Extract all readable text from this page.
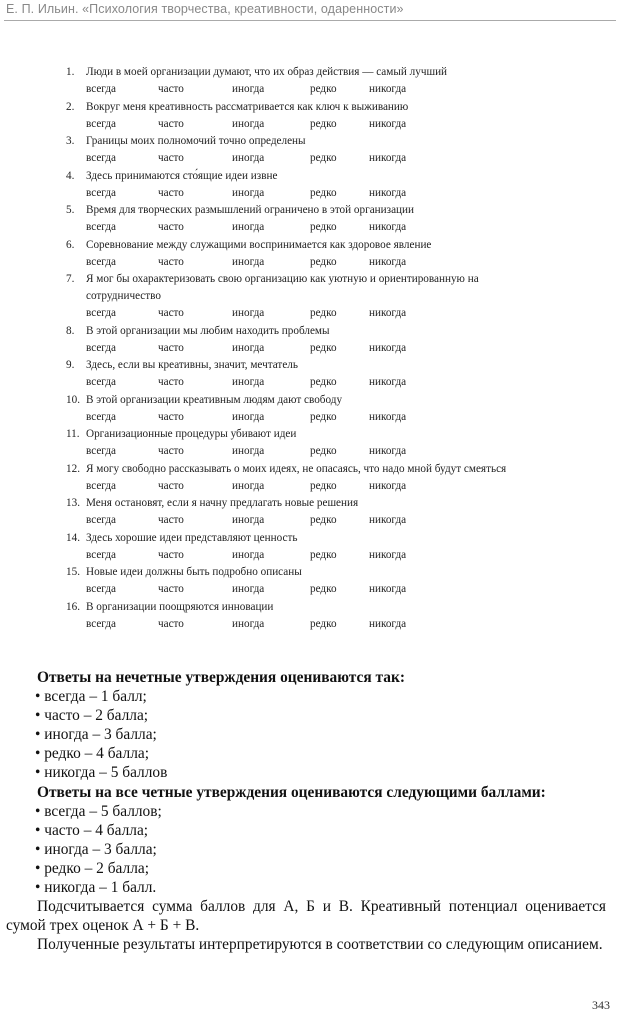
Е. П. Ильин. «Психология творчества, креативности, одаренности»
1.	Люди в моей организации думают, что их образ действия — самый лучший
всегда	часто	иногда	редко	никогда
2.	Вокруг меня креативность рассматривается как ключ к выживанию
всегда	часто	иногда	редко	никогда
3.	Границы моих полномочий точно определены
всегда	часто	иногда	редко	никогда
4.	Здесь принимаются сто́ящие идеи извне
всегда	часто	иногда	редко	никогда
5.	Время для творческих размышлений ограничено в этой организации
всегда	часто	иногда	редко	никогда
6.	Соревнование между служащими воспринимается как здоровое явление
всегда	часто	иногда	редко	никогда
7.	Я мог бы охарактеризовать свою организацию как уютную и ориентированную на сотрудничество
всегда	часто	иногда	редко	никогда
8.	В этой организации мы любим находить проблемы
всегда	часто	иногда	редко	никогда
9.	Здесь, если вы креативны, значит, мечтатель
всегда	часто	иногда	редко	никогда
10. В этой организации креативным людям дают свободу
всегда	часто	иногда	редко	никогда
11. Организационные процедуры убивают идеи
всегда	часто	иногда	редко	никогда
12. Я могу свободно рассказывать о моих идеях, не опасаясь, что надо мной будут смеяться
всегда	часто	иногда	редко	никогда
13. Меня остановят, если я начну предлагать новые решения
всегда	часто	иногда	редко	никогда
14. Здесь хорошие идеи представляют ценность
всегда	часто	иногда	редко	никогда
15. Новые идеи должны быть подробно описаны
всегда	часто	иногда	редко	никогда
16. В организации поощряются инновации
всегда	часто	иногда	редко	никогда
Ответы на нечетные утверждения оцениваются так:
• всегда – 1 балл;
• часто – 2 балла;
• иногда – 3 балла;
• редко – 4 балла;
• никогда – 5 баллов
Ответы на все четные утверждения оцениваются следующими баллами:
• всегда – 5 баллов;
• часто – 4 балла;
• иногда – 3 балла;
• редко – 2 балла;
• никогда – 1 балл.
Подсчитывается сумма баллов для А, Б и В. Креативный потенциал оценивается сумой трех оценок А + Б + В.
Полученные результаты интерпретируются в соответствии со следующим описанием.
343
